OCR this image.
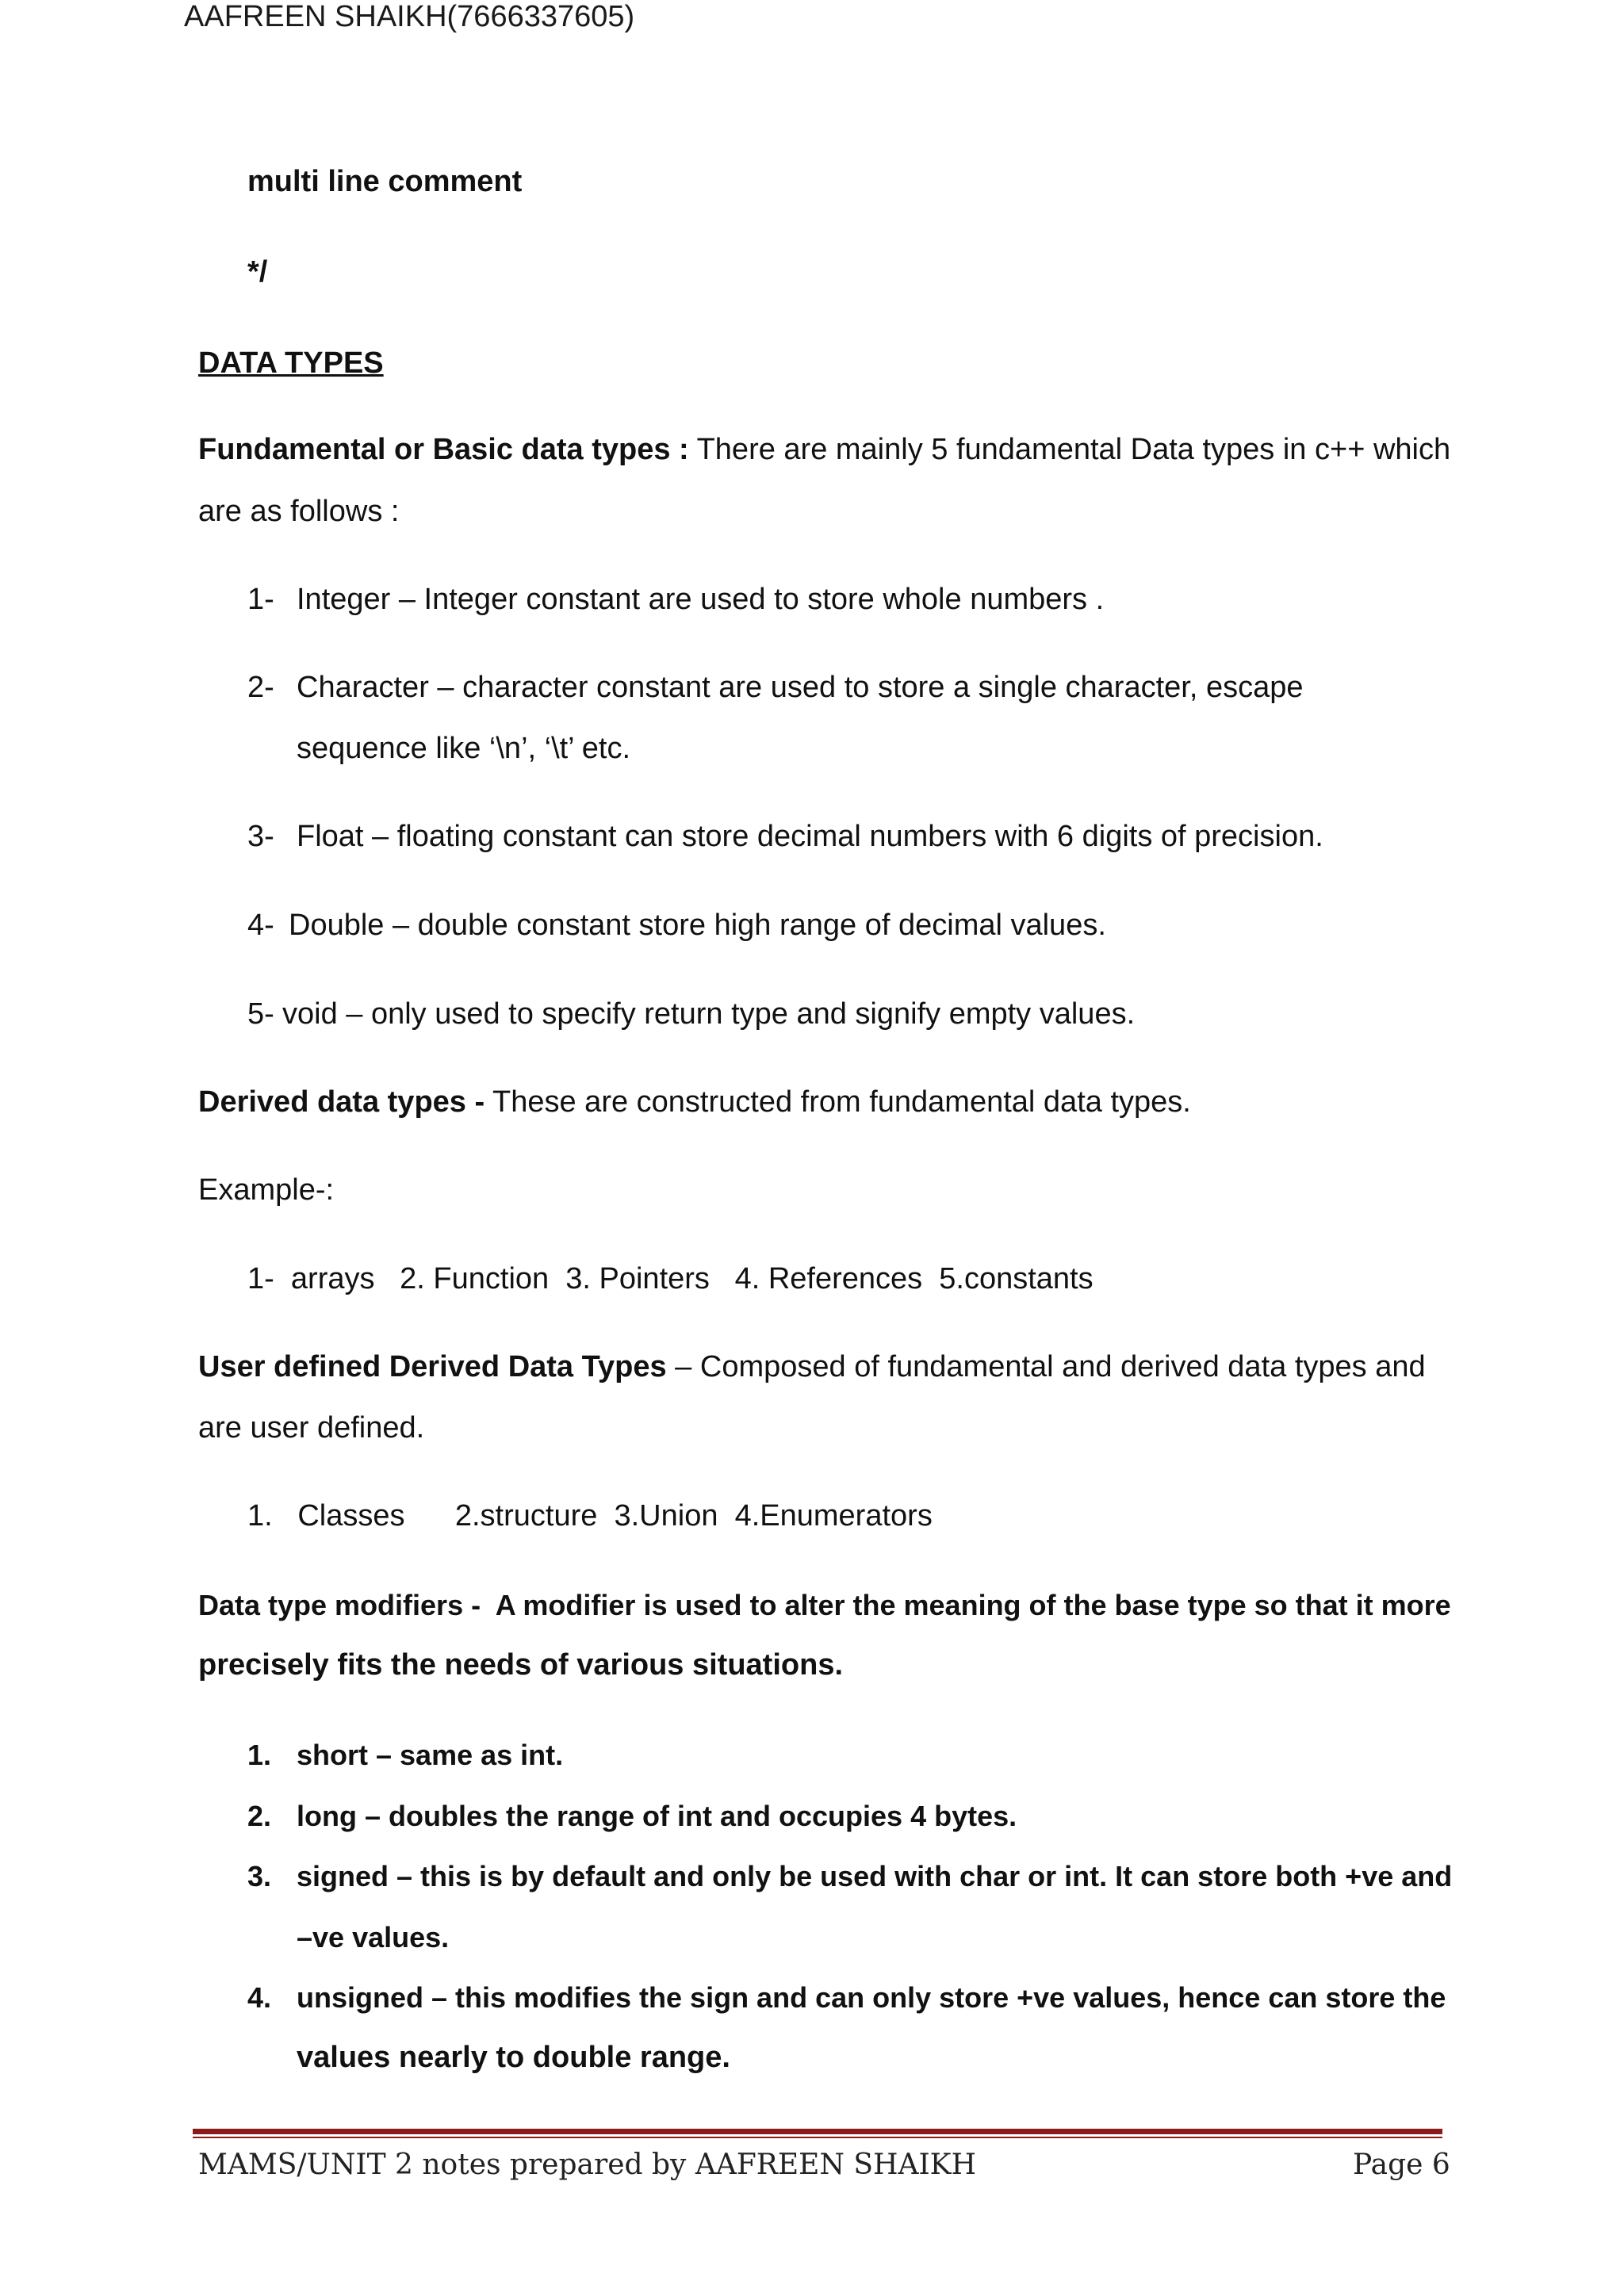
AAFREEN SHAIKH(7666337605)
multi line comment
*/
DATA TYPES
Fundamental or Basic data types : There are mainly 5 fundamental Data types in c++ which
are as follows :
1- Integer – Integer constant are used to store whole numbers .
2- Character – character constant are used to store a single character, escape
sequence like ‘\n’, ‘\t’ etc.
3- Float – floating constant can store decimal numbers with 6 digits of precision.
4- Double – double constant store high range of decimal values.
5- void – only used to specify return type and signify empty values.
Derived data types - These are constructed from fundamental data types.
Example-:
1-  arrays   2. Function  3. Pointers   4. References  5.constants
User defined Derived Data Types – Composed of fundamental and derived data types and
are user defined.
1.   Classes      2.structure  3.Union  4.Enumerators
Data type modifiers -  A modifier is used to alter the meaning of the base type so that it more
precisely fits the needs of various situations.
1. short – same as int.
2. long – doubles the range of int and occupies 4 bytes.
3. signed – this is by default and only be used with char or int. It can store both +ve and
–ve values.
4. unsigned – this modifies the sign and can only store +ve values, hence can store the
values nearly to double range.
MAMS/UNIT 2 notes prepared by AAFREEN SHAIKH	Page 6
